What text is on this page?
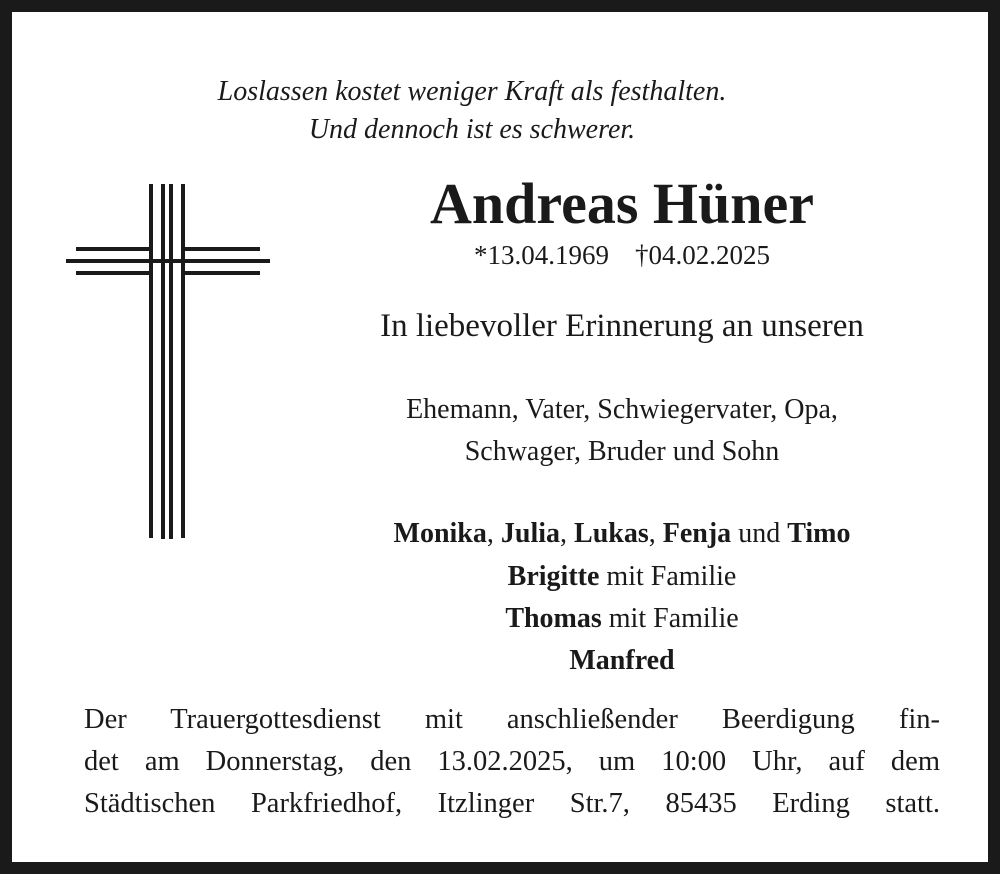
Loslassen kostet weniger Kraft als festhalten.
Und dennoch ist es schwerer.
Andreas Hüner
*13.04.1969 †04.02.2025
In liebevoller Erinnerung an unseren
Ehemann, Vater, Schwiegervater, Opa,
Schwager, Bruder und Sohn
Monika, Julia, Lukas, Fenja und Timo
Brigitte mit Familie
Thomas mit Familie
Manfred
Der Trauergottesdienst mit anschließender Beerdigung fin-
det am Donnerstag, den 13.02.2025, um 10:00 Uhr, auf dem
Städtischen Parkfriedhof, Itzlinger Str.7, 85435 Erding statt.
